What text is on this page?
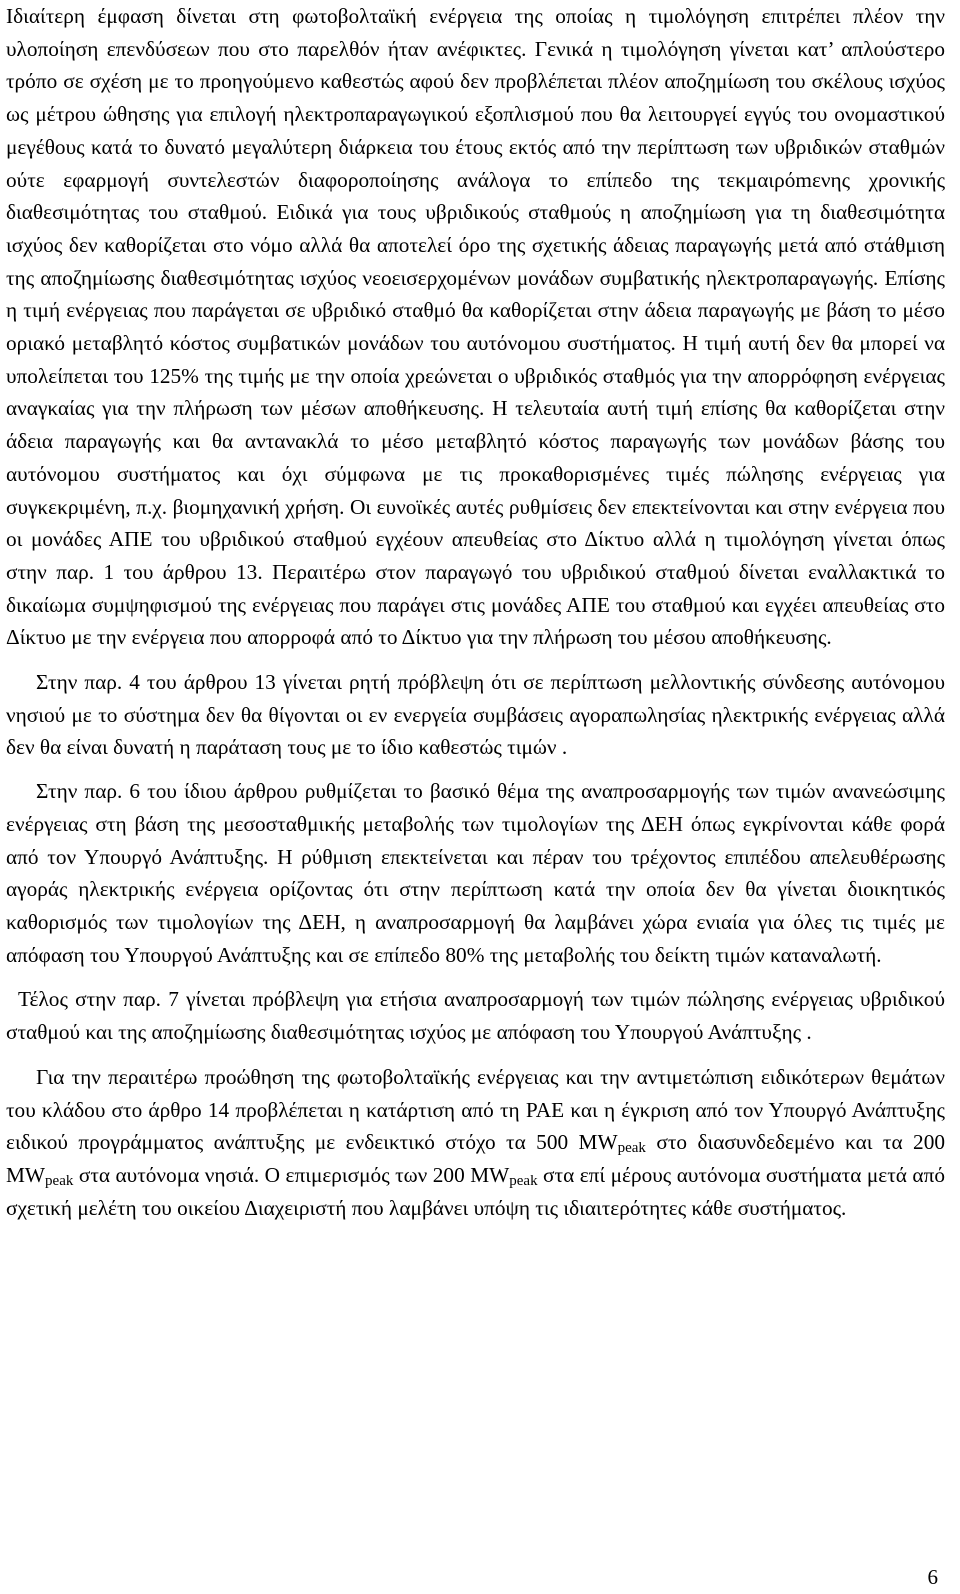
Ιδιαίτερη έμφαση δίνεται στη φωτοβολταϊκή ενέργεια της οποίας η τιμολόγηση επιτρέπει πλέον την υλοποίηση επενδύσεων που στο παρελθόν ήταν ανέφικτες. Γενικά η τιμολόγηση γίνεται κατ’ απλούστερο τρόπο σε σχέση με το προηγούμενο καθεστώς αφού δεν προβλέπεται πλέον αποζημίωση του σκέλους ισχύος ως μέτρου ώθησης για επιλογή ηλεκτροπαραγωγικού εξοπλισμού που θα λειτουργεί εγγύς του ονομαστικού μεγέθους κατά το δυνατό μεγαλύτερη διάρκεια του έτους εκτός από την περίπτωση των υβριδικών σταθμών ούτε εφαρμογή συντελεστών διαφοροποίησης ανάλογα το επίπεδο της τεκμαιρόmενης χρονικής διαθεσιμότητας του σταθμού. Ειδικά για τους υβριδικούς σταθμούς η αποζημίωση για τη διαθεσιμότητα ισχύος δεν καθορίζεται στο νόμο αλλά θα αποτελεί όρο της σχετικής άδειας παραγωγής μετά από στάθμιση της αποζημίωσης διαθεσιμότητας ισχύος νεοεισερχομένων μονάδων συμβατικής ηλεκτροπαραγωγής. Επίσης η τιμή ενέργειας που παράγεται σε υβριδικό σταθμό θα καθορίζεται στην άδεια παραγωγής με βάση το μέσο οριακό μεταβλητό κόστος συμβατικών μονάδων του αυτόνομου συστήματος. Η τιμή αυτή δεν θα μπορεί να υπολείπεται του 125% της τιμής με την οποία χρεώνεται ο υβριδικός σταθμός για την απορρόφηση ενέργειας αναγκαίας για την πλήρωση των μέσων αποθήκευσης. Η τελευταία αυτή τιμή επίσης θα καθορίζεται στην άδεια παραγωγής και θα αντανακλά το μέσο μεταβλητό κόστος παραγωγής των μονάδων βάσης του αυτόνομου συστήματος και όχι σύμφωνα με τις προκαθορισμένες τιμές πώλησης ενέργειας για συγκεκριμένη, π.χ. βιομηχανική χρήση. Οι ευνοϊκές αυτές ρυθμίσεις δεν επεκτείνονται και στην ενέργεια που οι μονάδες ΑΠΕ του υβριδικού σταθμού εγχέουν απευθείας στο Δίκτυο αλλά η τιμολόγηση γίνεται όπως στην παρ. 1 του άρθρου 13. Περαιτέρω στον παραγωγό του υβριδικού σταθμού δίνεται εναλλακτικά το δικαίωμα συμψηφισμού της ενέργειας που παράγει στις μονάδες ΑΠΕ του σταθμού και εγχέει απευθείας στο Δίκτυο με την ενέργεια που απορροφά από το Δίκτυο για την πλήρωση του μέσου αποθήκευσης.

Στην παρ. 4 του άρθρου 13 γίνεται ρητή πρόβλεψη ότι σε περίπτωση μελλοντικής σύνδεσης αυτόνομου νησιού με το σύστημα δεν θα θίγονται οι εν ενεργεία συμβάσεις αγοραπωλησίας ηλεκτρικής ενέργειας αλλά δεν θα είναι δυνατή η παράταση τους με το ίδιο καθεστώς τιμών .

Στην παρ. 6 του ίδιου άρθρου ρυθμίζεται το βασικό θέμα της αναπροσαρμογής των τιμών ανανεώσιμης ενέργειας στη βάση της μεσοσταθμικής μεταβολής των τιμολογίων της ΔΕΗ όπως εγκρίνονται κάθε φορά από τον Υπουργό Ανάπτυξης. Η ρύθμιση επεκτείνεται και πέραν του τρέχοντος επιπέδου απελευθέρωσης αγοράς ηλεκτρικής ενέργεια ορίζοντας ότι στην περίπτωση κατά την οποία δεν θα γίνεται διοικητικός καθορισμός των τιμολογίων της ΔΕΗ, η αναπροσαρμογή θα λαμβάνει χώρα ενιαία για όλες τις τιμές με απόφαση του Υπουργού Ανάπτυξης και σε επίπεδο 80% της μεταβολής του δείκτη τιμών καταναλωτή.

Τέλος στην παρ. 7 γίνεται πρόβλεψη για ετήσια αναπροσαρμογή των τιμών πώλησης ενέργειας υβριδικού σταθμού και της αποζημίωσης διαθεσιμότητας ισχύος με απόφαση του Υπουργού Ανάπτυξης .

Για την περαιτέρω προώθηση της φωτοβολταϊκής ενέργειας και την αντιμετώπιση ειδικότερων θεμάτων του κλάδου στο άρθρο 14 προβλέπεται η κατάρτιση από τη ΡΑΕ και η έγκριση από τον Υπουργό Ανάπτυξης ειδικού προγράμματος ανάπτυξης με ενδεικτικό στόχο τα 500 $MW_{peak}$ στο διασυνδεδεμένο και τα 200 $MW_{peak}$ στα αυτόνομα νησιά. Ο επιμερισμός των 200 $MW_{peak}$ στα επί μέρους αυτόνομα συστήματα μετά από σχετική μελέτη του οικείου Διαχειριστή που λαμβάνει υπόψη τις ιδιαιτερότητες κάθε συστήματος.

6
